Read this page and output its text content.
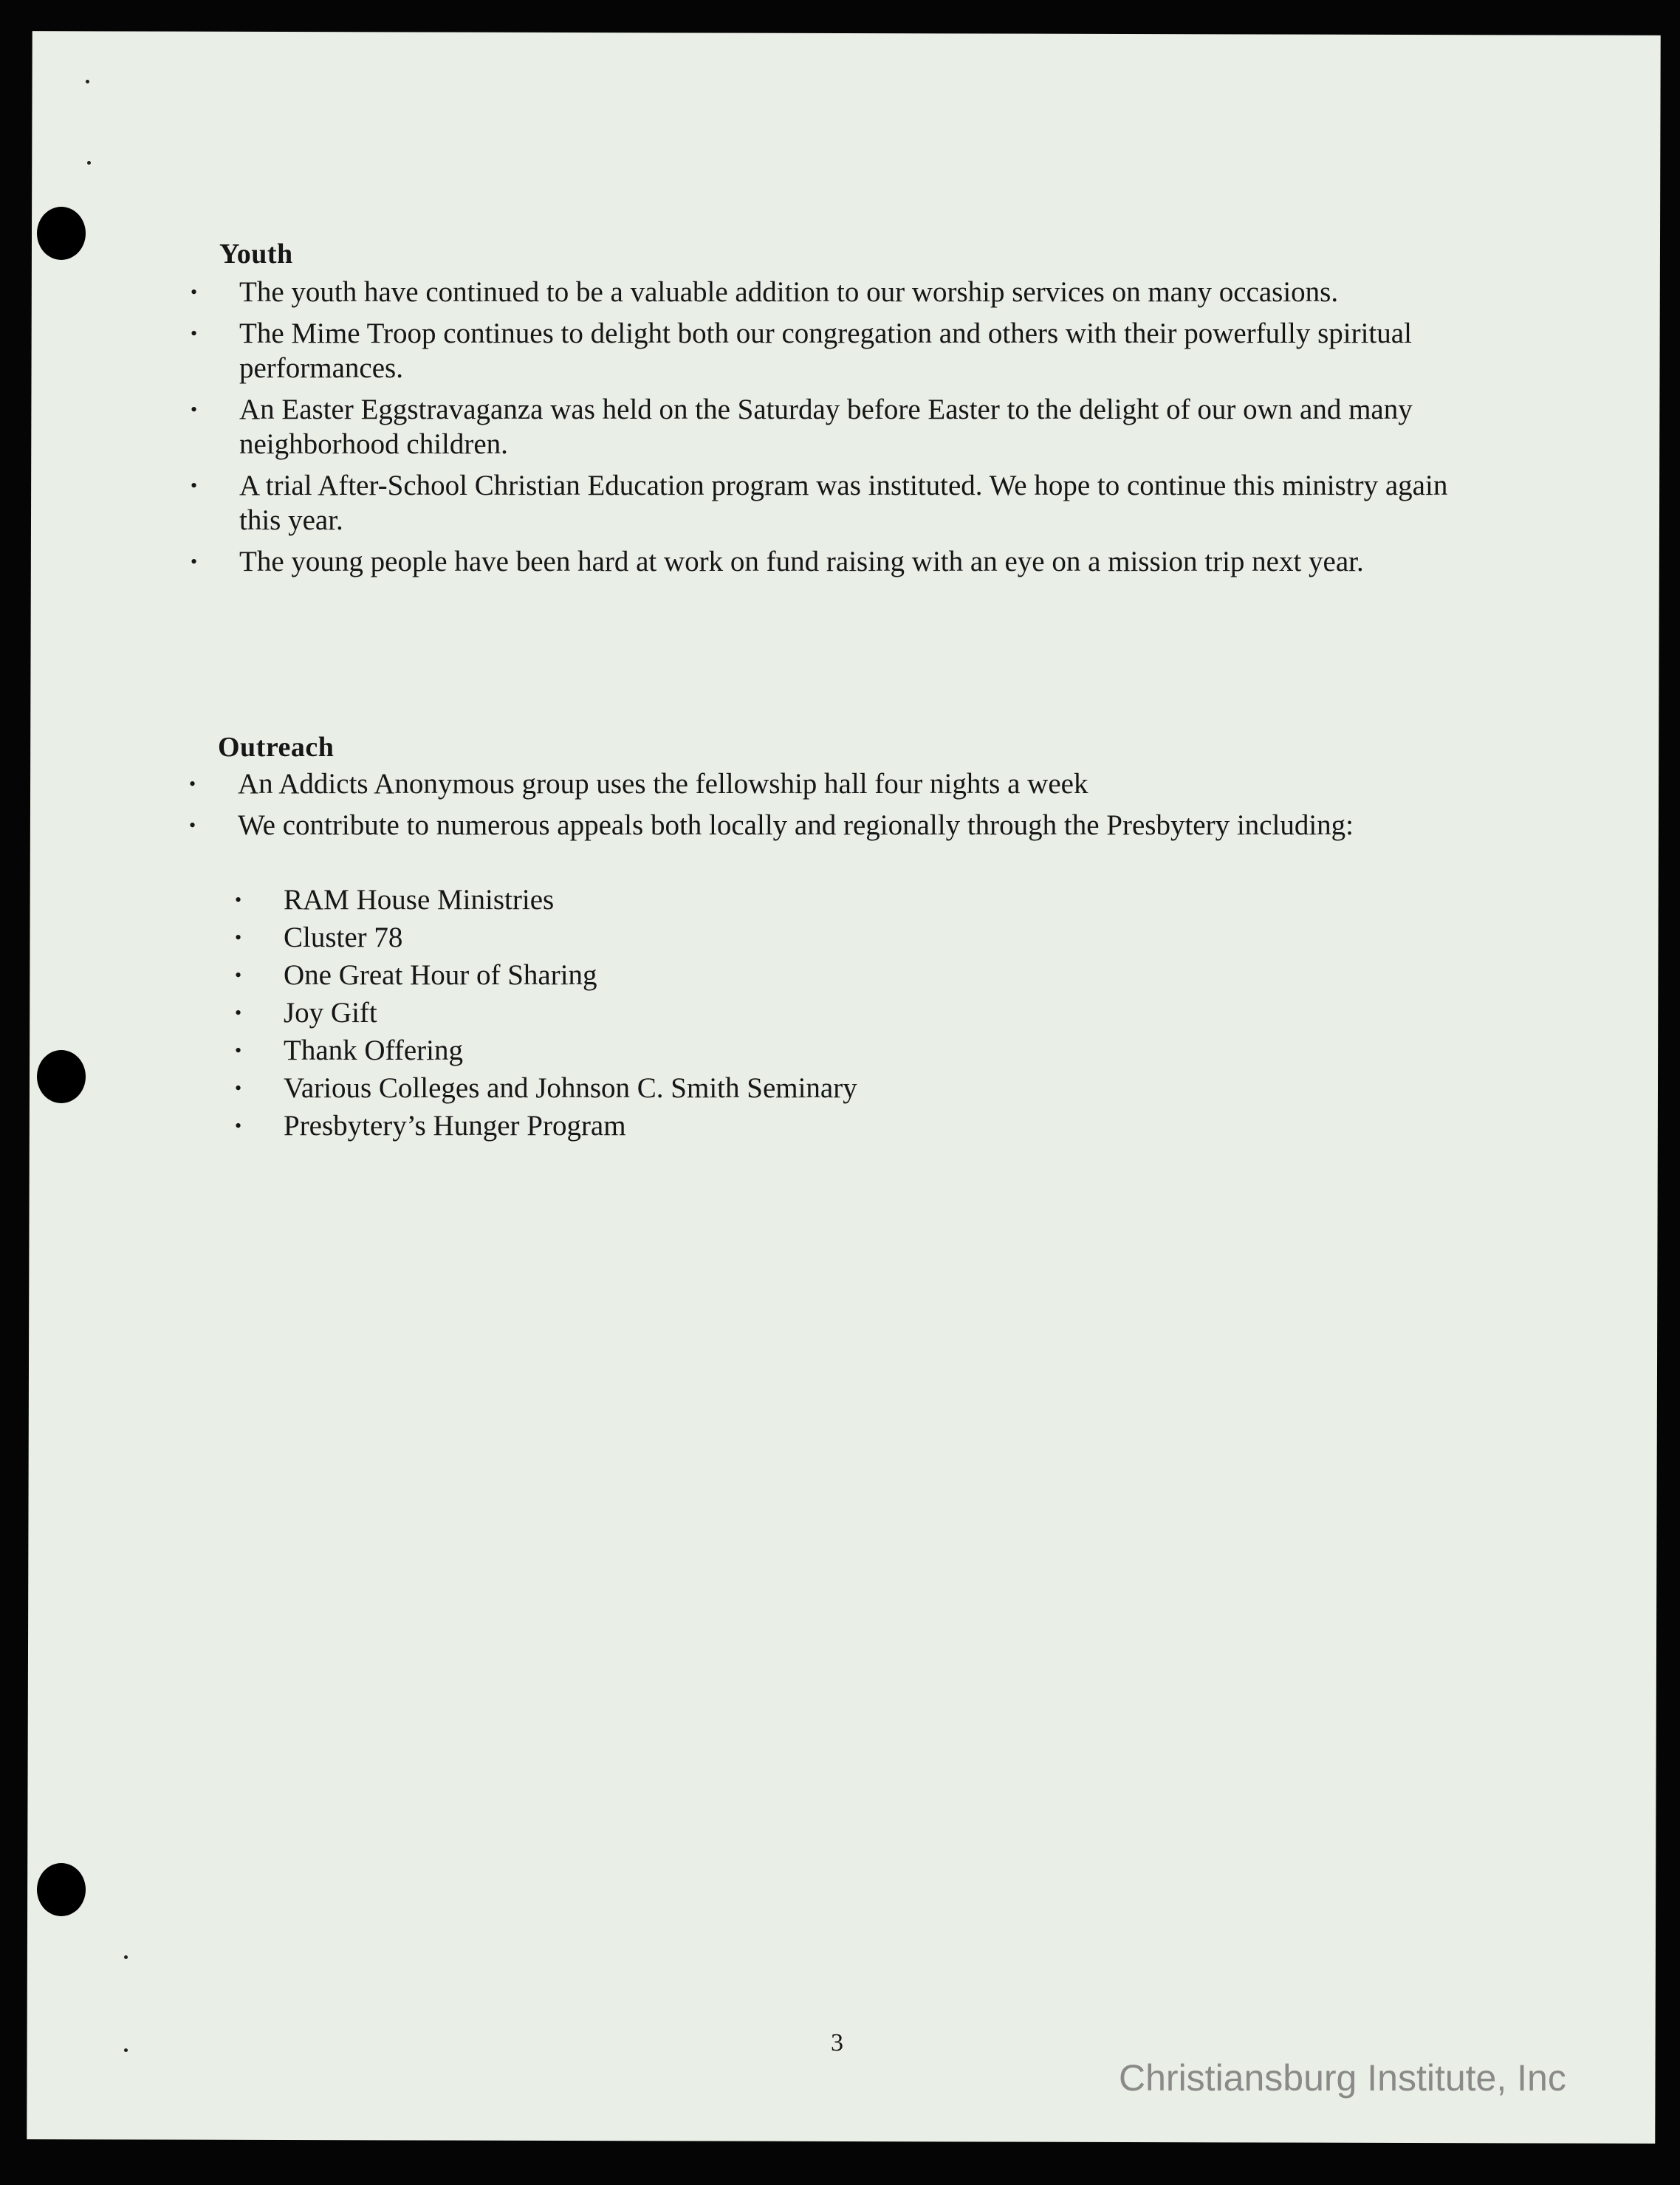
Youth
• The youth have continued to be a valuable addition to our worship services on many occasions.
• The Mime Troop continues to delight both our congregation and others with their powerfully spiritual performances.
• An Easter Eggstravaganza was held on the Saturday before Easter to the delight of our own and many neighborhood children.
• A trial After-School Christian Education program was instituted. We hope to continue this ministry again this year.
• The young people have been hard at work on fund raising with an eye on a mission trip next year.
Outreach
• An Addicts Anonymous group uses the fellowship hall four nights a week
• We contribute to numerous appeals both locally and regionally through the Presbytery including:
• RAM House Ministries
• Cluster 78
• One Great Hour of Sharing
• Joy Gift
• Thank Offering
• Various Colleges and Johnson C. Smith Seminary
• Presbytery’s Hunger Program
3
Christiansburg Institute, Inc
